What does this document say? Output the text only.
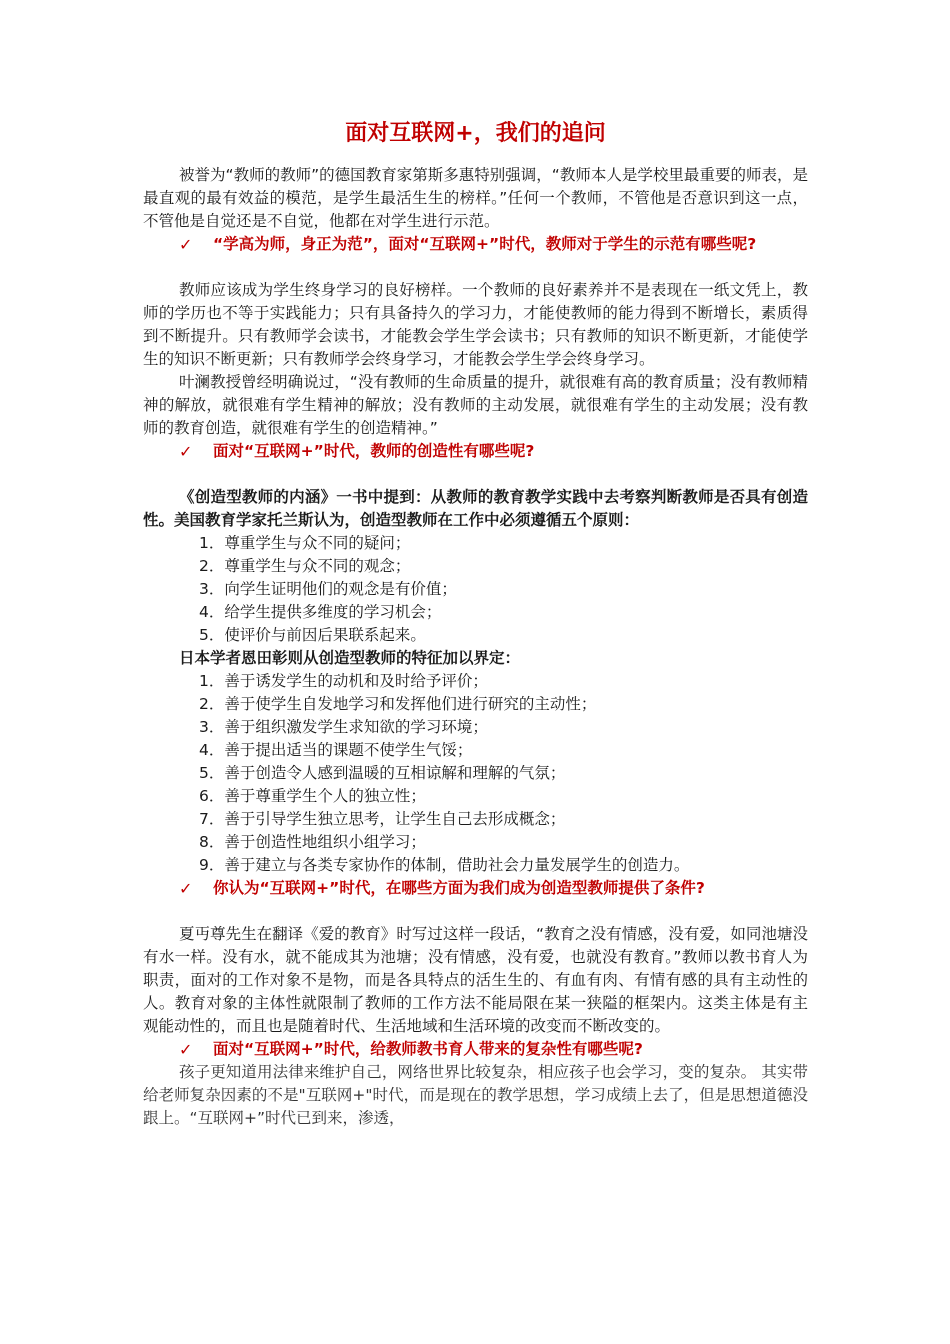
面对互联网+，我们的追问

被誉为“教师的教师”的德国教育家第斯多惠特别强调，“教师本人是学校里最重要的师表，是最直观的最有效益的模范，是学生最活生生的榜样。”任何一个教师，不管他是否意识到这一点，不管他是自觉还是不自觉，他都在对学生进行示范。

✓ “学高为师，身正为范”，面对“互联网+”时代，教师对于学生的示范有哪些呢?

教师应该成为学生终身学习的良好榜样。一个教师的良好素养并不是表现在一纸文凭上，教师的学历也不等于实践能力；只有具备持久的学习力，才能使教师的能力得到不断增长，素质得到不断提升。只有教师学会读书，才能教会学生学会读书；只有教师的知识不断更新，才能使学生的知识不断更新；只有教师学会终身学习，才能教会学生学会终身学习。

叶澜教授曾经明确说过，“没有教师的生命质量的提升，就很难有高的教育质量；没有教师精神的解放，就很难有学生精神的解放；没有教师的主动发展，就很难有学生的主动发展；没有教师的教育创造，就很难有学生的创造精神。”

✓ 面对“互联网+”时代，教师的创造性有哪些呢?

《创造型教师的内涵》一书中提到：从教师的教育教学实践中去考察判断教师是否具有创造性。美国教育学家托兰斯认为，创造型教师在工作中必须遵循五个原则：

1．尊重学生与众不同的疑问；
2．尊重学生与众不同的观念；
3．向学生证明他们的观念是有价值；
4．给学生提供多维度的学习机会；
5．使评价与前因后果联系起来。

日本学者恩田彰则从创造型教师的特征加以界定：

1．善于诱发学生的动机和及时给予评价；
2．善于使学生自发地学习和发挥他们进行研究的主动性；
3．善于组织激发学生求知欲的学习环境；
4．善于提出适当的课题不使学生气馁；
5．善于创造令人感到温暖的互相谅解和理解的气氛；
6．善于尊重学生个人的独立性；
7．善于引导学生独立思考，让学生自己去形成概念；
8．善于创造性地组织小组学习；
9．善于建立与各类专家协作的体制，借助社会力量发展学生的创造力。

✓ 你认为“互联网+”时代，在哪些方面为我们成为创造型教师提供了条件?

夏丏尊先生在翻译《爱的教育》时写过这样一段话，“教育之没有情感，没有爱，如同池塘没有水一样。没有水，就不能成其为池塘；没有情感，没有爱，也就没有教育。”教师以教书育人为职责，面对的工作对象不是物，而是各具特点的活生生的、有血有肉、有情有感的具有主动性的人。教育对象的主体性就限制了教师的工作方法不能局限在某一狭隘的框架内。这类主体是有主观能动性的，而且也是随着时代、生活地域和生活环境的改变而不断改变的。

✓ 面对“互联网+”时代，给教师教书育人带来的复杂性有哪些呢?

孩子更知道用法律来维护自己，网络世界比较复杂，相应孩子也会学习，变的复杂。 其实带给老师复杂因素的不是"互联网+"时代，而是现在的教学思想，学习成绩上去了，但是思想道德没跟上。“互联网+”时代已到来，渗透，
